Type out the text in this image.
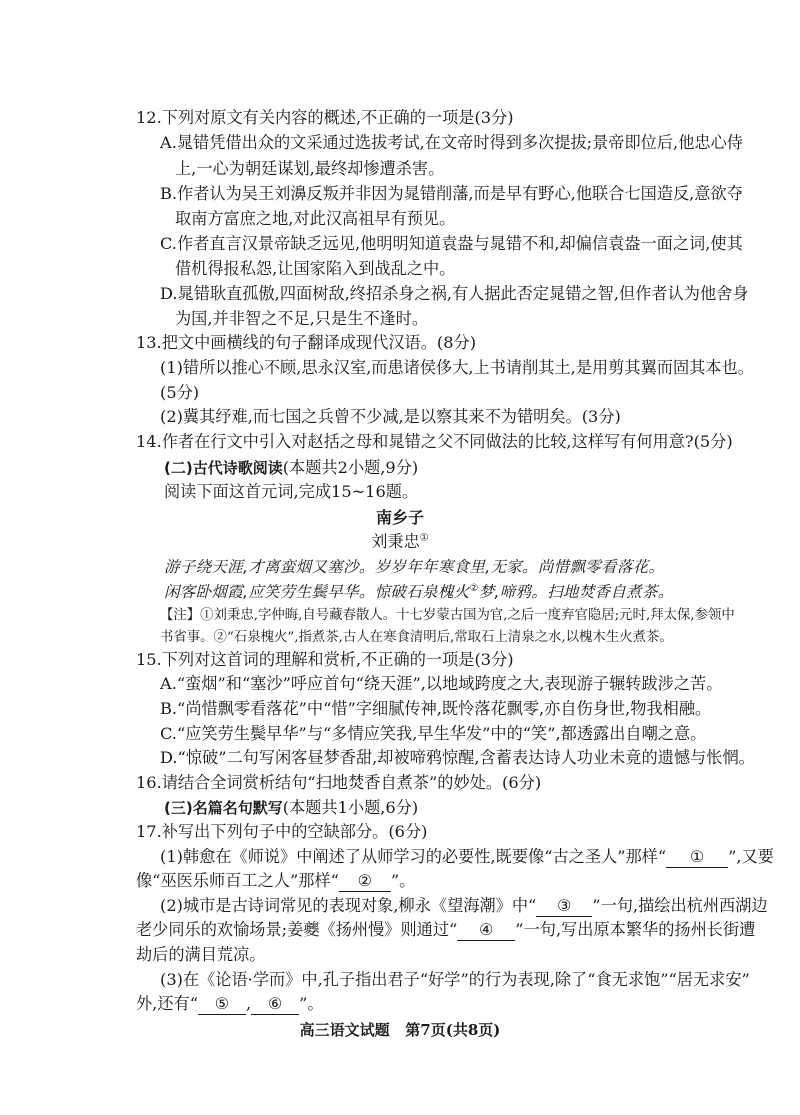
12.下列对原文有关内容的概述,不正确的一项是(3分)
A.晁错凭借出众的文采通过选拔考试,在文帝时得到多次提拔;景帝即位后,他忠心侍
上,一心为朝廷谋划,最终却惨遭杀害。
B.作者认为吴王刘濞反叛并非因为晁错削藩,而是早有野心,他联合七国造反,意欲夺
取南方富庶之地,对此汉高祖早有预见。
C.作者直言汉景帝缺乏远见,他明明知道袁盎与晁错不和,却偏信袁盎一面之词,使其
借机得报私怨,让国家陷入到战乱之中。
D.晁错耿直孤傲,四面树敌,终招杀身之祸,有人据此否定晁错之智,但作者认为他舍身
为国,并非智之不足,只是生不逢时。
13.把文中画横线的句子翻译成现代汉语。(8分)
(1)错所以推心不顾,思永汉室,而患诸侯侈大,上书请削其土,是用剪其翼而固其本也。
(5分)
(2)冀其纾难,而七国之兵曾不少减,是以察其来不为错明矣。(3分)
14.作者在行文中引入对赵括之母和晁错之父不同做法的比较,这样写有何用意?(5分)
(二)古代诗歌阅读(本题共2小题,9分)
阅读下面这首元词,完成15~16题。
南乡子
刘秉忠①
游子绕天涯,才离蛮烟又塞沙。岁岁年年寒食里,无家。尚惜飘零看落花。
闲客卧烟霞,应笑劳生鬓早华。惊破石泉槐火②梦,啼鸦。扫地焚香自煮茶。
【注】①刘秉忠,字仲晦,自号藏春散人。十七岁蒙古国为官,之后一度弃官隐居;元时,拜太保,参领中
书省事。②“石泉槐火”,指煮茶,古人在寒食清明后,常取石上清泉之水,以槐木生火煮茶。
15.下列对这首词的理解和赏析,不正确的一项是(3分)
A.“蛮烟”和“塞沙”呼应首句“绕天涯”,以地域跨度之大,表现游子辗转跋涉之苦。
B.“尚惜飘零看落花”中“惜”字细腻传神,既怜落花飘零,亦自伤身世,物我相融。
C.“应笑劳生鬓早华”与“多情应笑我,早生华发”中的“笑”,都透露出自嘲之意。
D.“惊破”二句写闲客昼梦香甜,却被啼鸦惊醒,含蓄表达诗人功业未竟的遗憾与怅惘。
16.请结合全词赏析结句“扫地焚香自煮茶”的妙处。(6分)
(三)名篇名句默写(本题共1小题,6分)
17.补写出下列句子中的空缺部分。(6分)
(1)韩愈在《师说》中阐述了从师学习的必要性,既要像“古之圣人”那样“ ① ”,又要
像“巫医乐师百工之人”那样“ ② ”。
(2)城市是古诗词常见的表现对象,柳永《望海潮》中“ ③ ”一句,描绘出杭州西湖边
老少同乐的欢愉场景;姜夔《扬州慢》则通过“ ④ ”一句,写出原本繁华的扬州长街遭
劫后的满目荒凉。
(3)在《论语·学而》中,孔子指出君子“好学”的行为表现,除了“食无求饱”“居无求安”
外,还有“ ⑤ , ⑥ ”。
高三语文试题   第7页(共8页)
